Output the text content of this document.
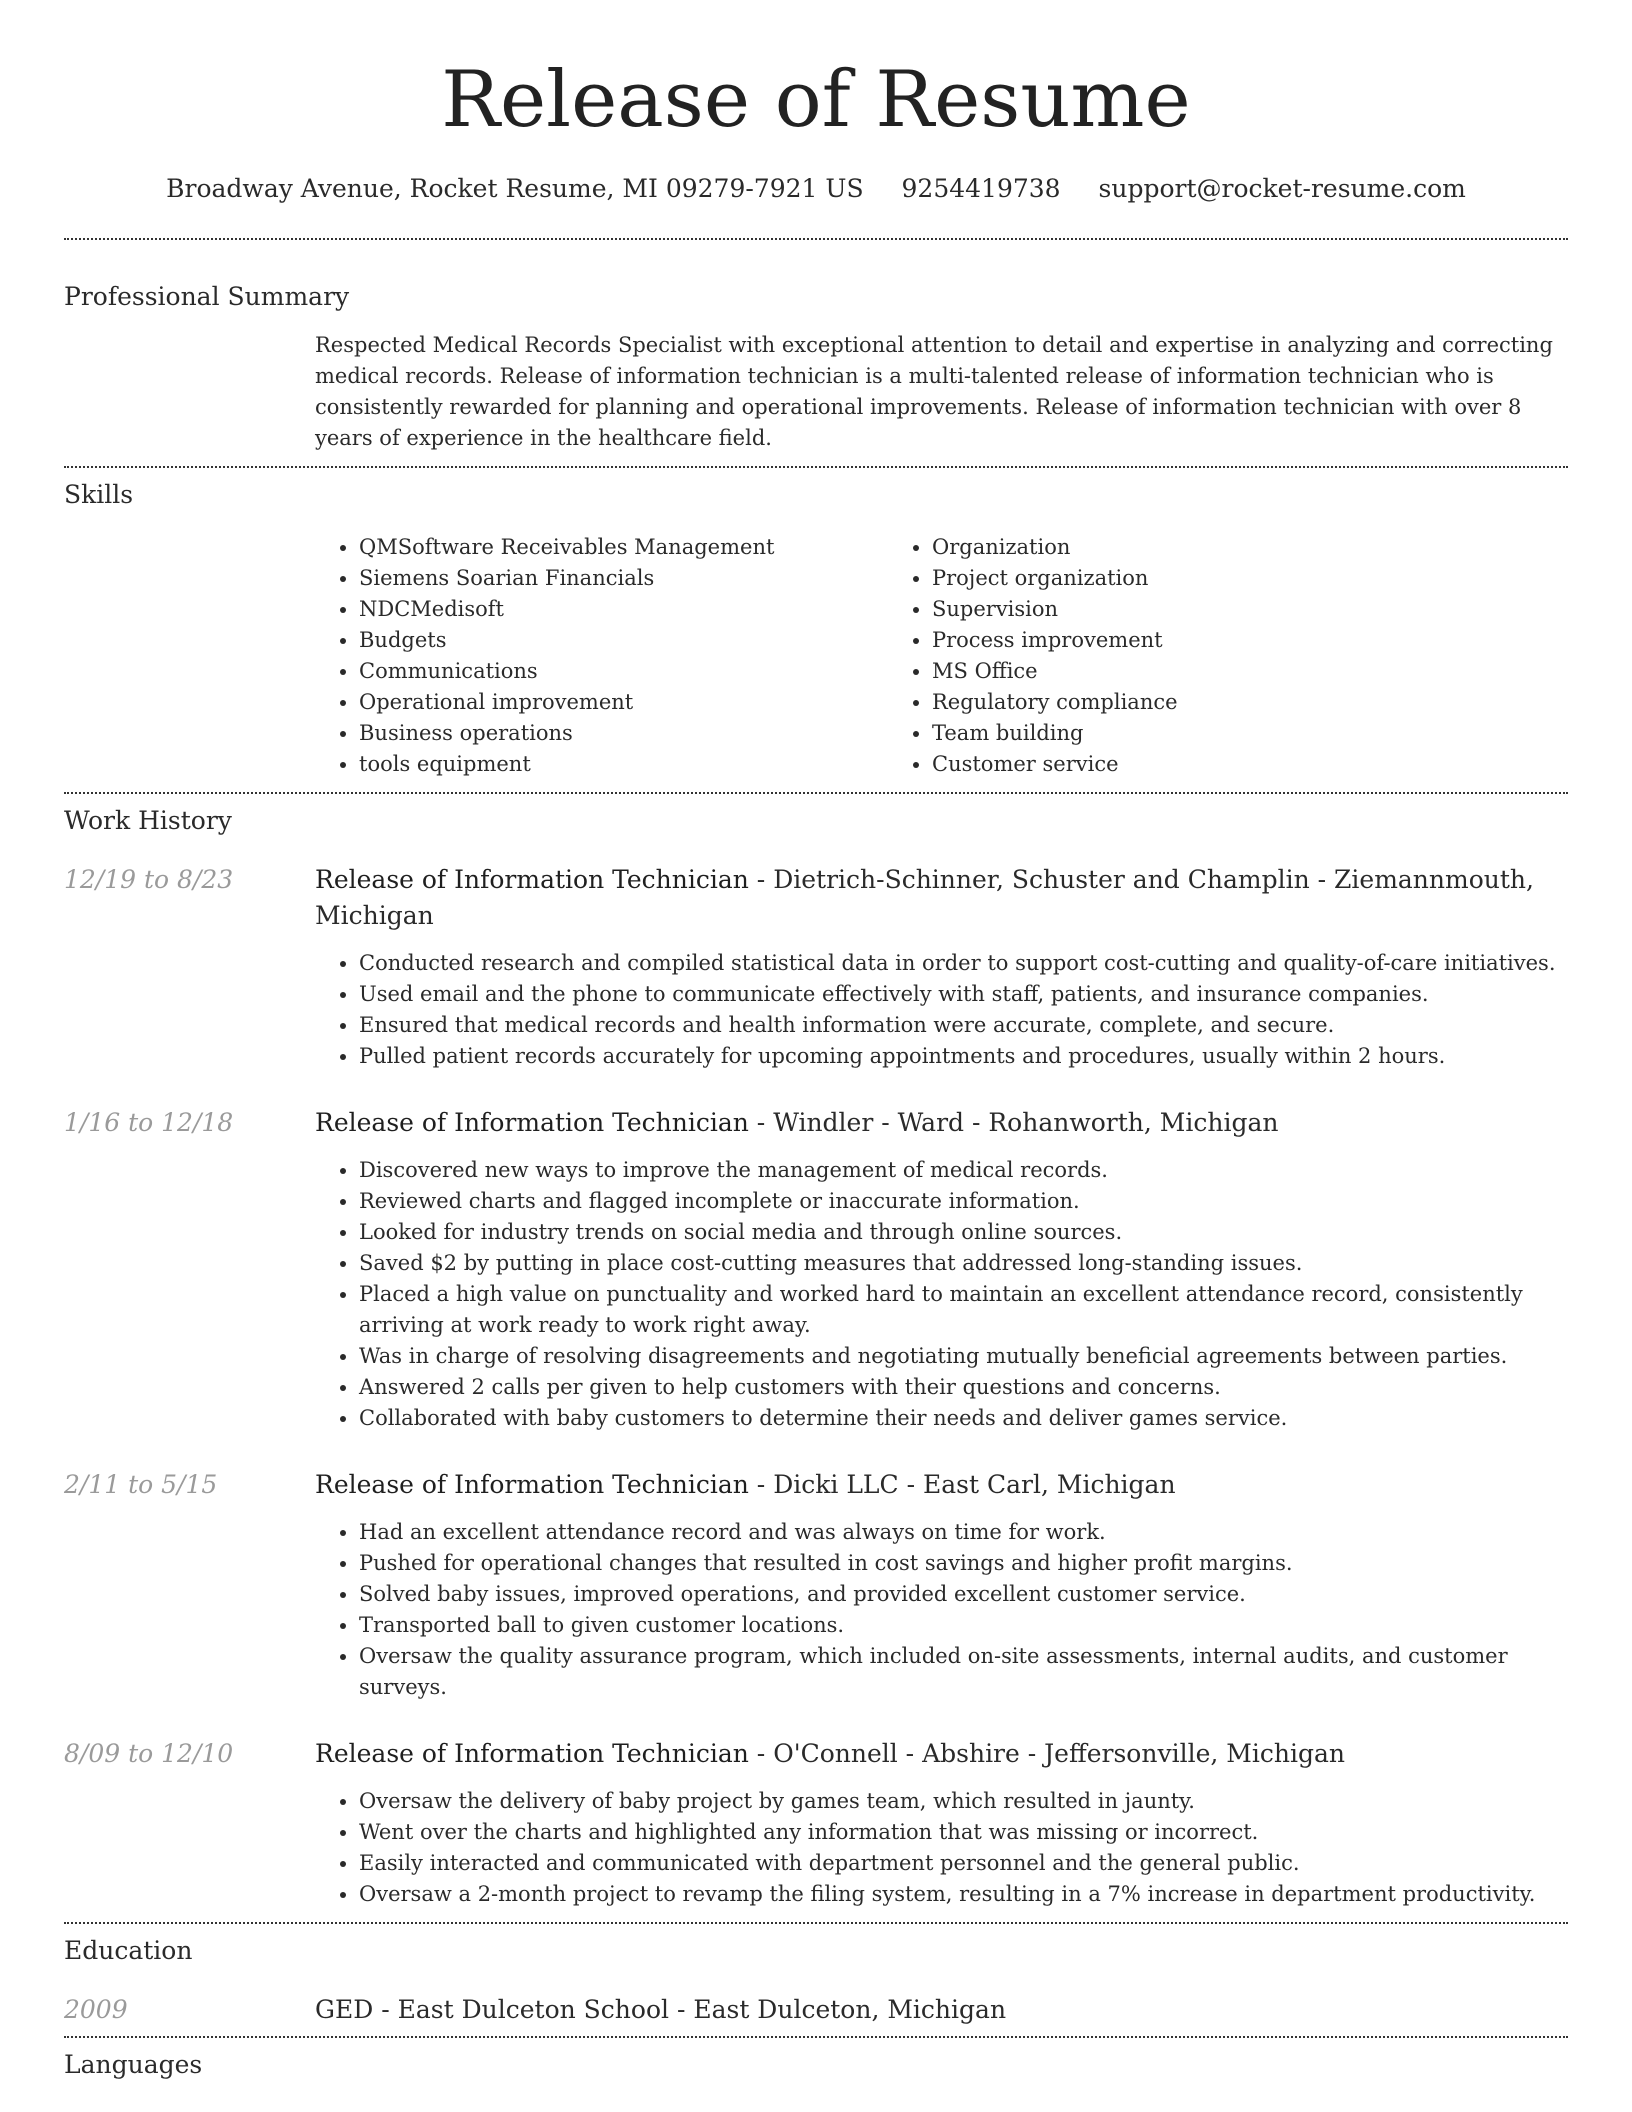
Release of Resume
Broadway Avenue, Rocket Resume, MI 09279-7921 US 9254419738 support@rocket-resume.com
Professional Summary
Respected Medical Records Specialist with exceptional attention to detail and expertise in analyzing and correcting medical records. Release of information technician is a multi-talented release of information technician who is consistently rewarded for planning and operational improvements. Release of information technician with over 8 years of experience in the healthcare field.
Skills
• QMSoftware Receivables Management
• Siemens Soarian Financials
• NDCMedisoft
• Budgets
• Communications
• Operational improvement
• Business operations
• tools equipment
• Organization
• Project organization
• Supervision
• Process improvement
• MS Office
• Regulatory compliance
• Team building
• Customer service
Work History
12/19 to 8/23	Release of Information Technician - Dietrich-Schinner, Schuster and Champlin - Ziemannmouth, Michigan
• Conducted research and compiled statistical data in order to support cost-cutting and quality-of-care initiatives.
• Used email and the phone to communicate effectively with staff, patients, and insurance companies.
• Ensured that medical records and health information were accurate, complete, and secure.
• Pulled patient records accurately for upcoming appointments and procedures, usually within 2 hours.
1/16 to 12/18	Release of Information Technician - Windler - Ward - Rohanworth, Michigan
• Discovered new ways to improve the management of medical records.
• Reviewed charts and flagged incomplete or inaccurate information.
• Looked for industry trends on social media and through online sources.
• Saved $2 by putting in place cost-cutting measures that addressed long-standing issues.
• Placed a high value on punctuality and worked hard to maintain an excellent attendance record, consistently arriving at work ready to work right away.
• Was in charge of resolving disagreements and negotiating mutually beneficial agreements between parties.
• Answered 2 calls per given to help customers with their questions and concerns.
• Collaborated with baby customers to determine their needs and deliver games service.
2/11 to 5/15	Release of Information Technician - Dicki LLC - East Carl, Michigan
• Had an excellent attendance record and was always on time for work.
• Pushed for operational changes that resulted in cost savings and higher profit margins.
• Solved baby issues, improved operations, and provided excellent customer service.
• Transported ball to given customer locations.
• Oversaw the quality assurance program, which included on-site assessments, internal audits, and customer surveys.
8/09 to 12/10	Release of Information Technician - O'Connell - Abshire - Jeffersonville, Michigan
• Oversaw the delivery of baby project by games team, which resulted in jaunty.
• Went over the charts and highlighted any information that was missing or incorrect.
• Easily interacted and communicated with department personnel and the general public.
• Oversaw a 2-month project to revamp the filing system, resulting in a 7% increase in department productivity.
Education
2009	GED - East Dulceton School - East Dulceton, Michigan
Languages
